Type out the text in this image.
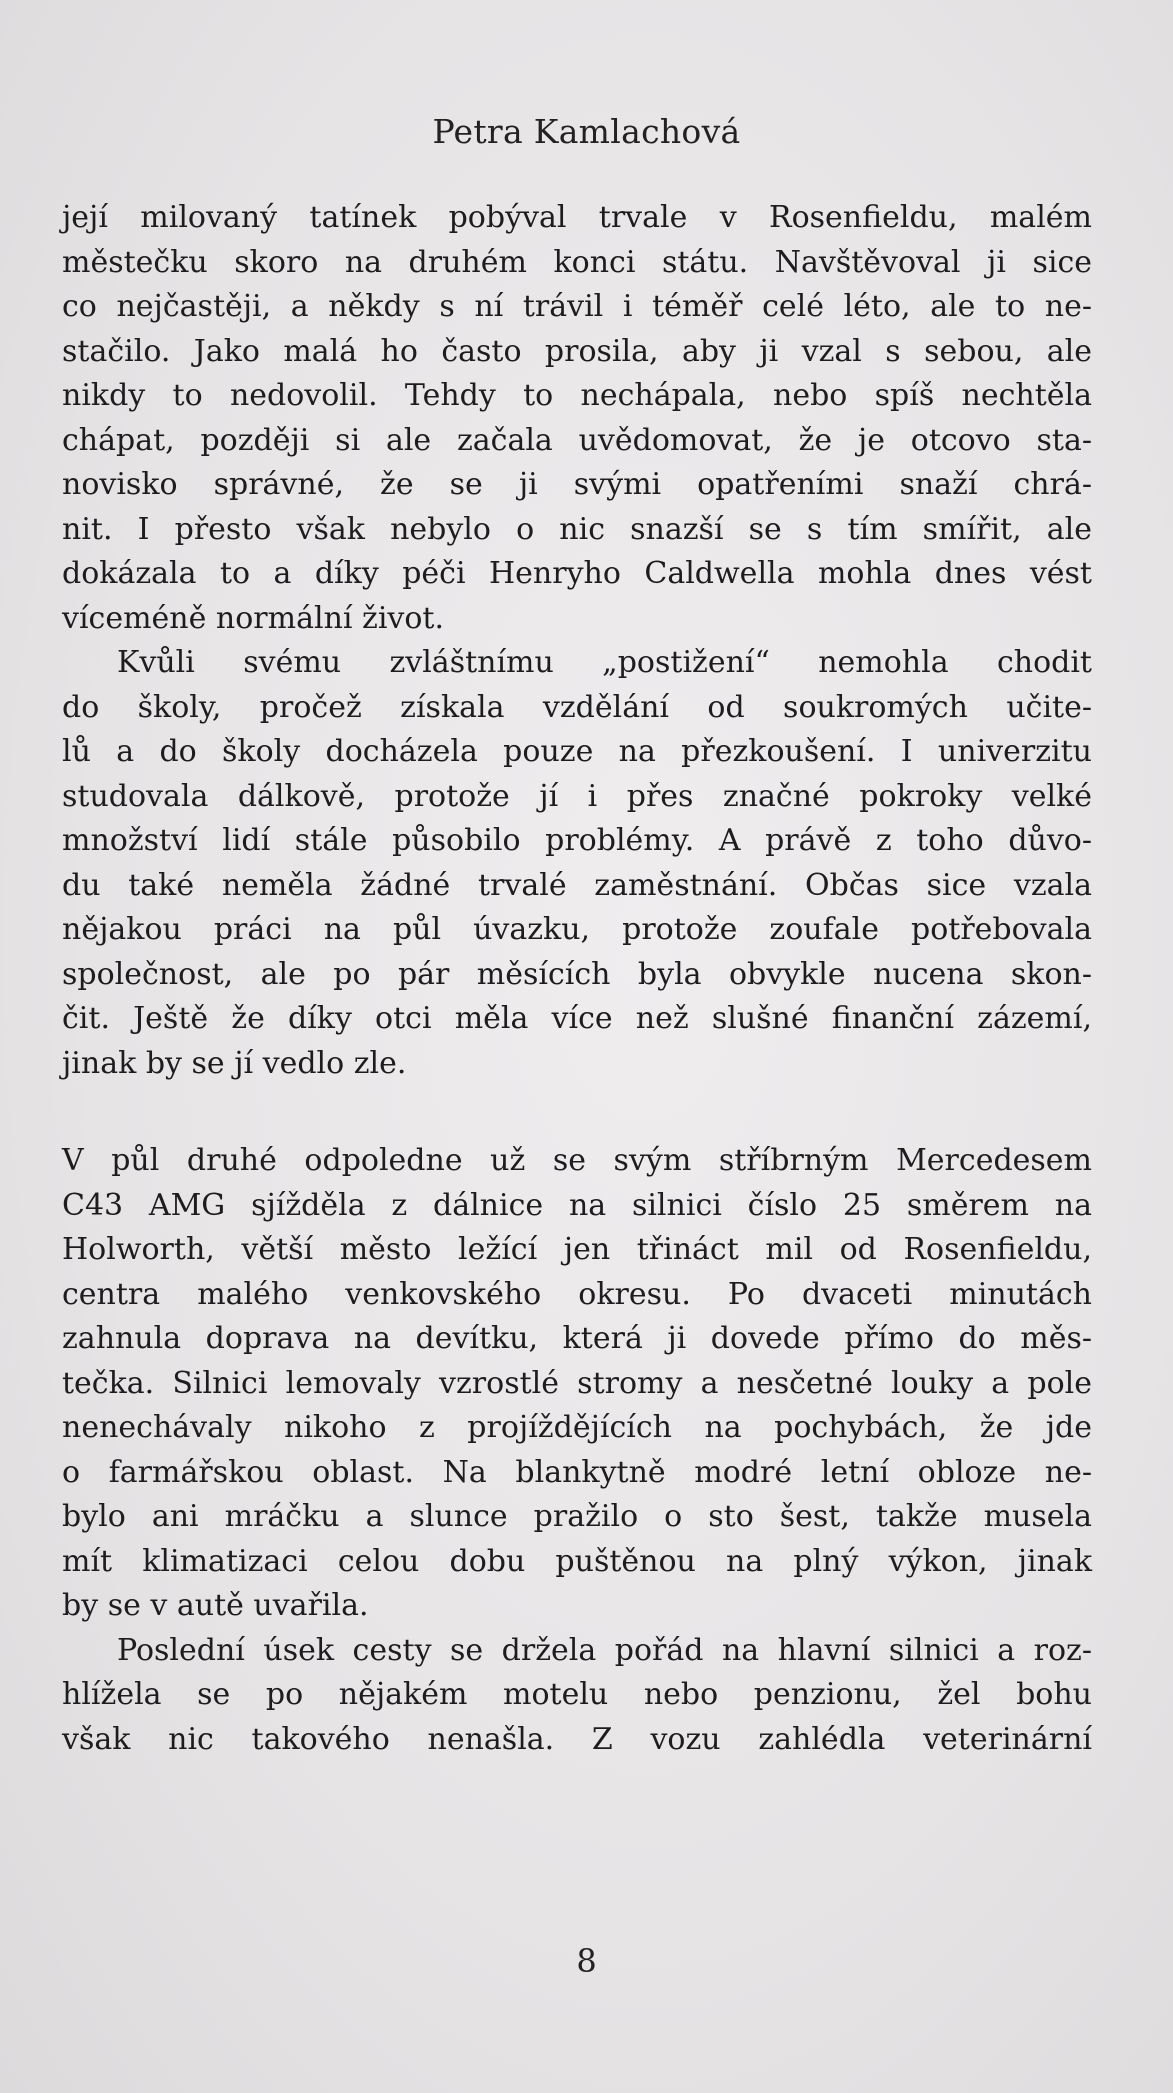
Petra Kamlachová
její milovaný tatínek pobýval trvale v Rosenfieldu, malém
městečku skoro na druhém konci státu. Navštěvoval ji sice
co nejčastěji, a někdy s ní trávil i téměř celé léto, ale to ne-
stačilo. Jako malá ho často prosila, aby ji vzal s sebou, ale
nikdy to nedovolil. Tehdy to nechápala, nebo spíš nechtěla
chápat, později si ale začala uvědomovat, že je otcovo sta-
novisko správné, že se ji svými opatřeními snaží chrá-
nit. I přesto však nebylo o nic snazší se s tím smířit, ale
dokázala to a díky péči Henryho Caldwella mohla dnes vést
víceméně normální život.
Kvůli svému zvláštnímu „postižení“ nemohla chodit
do školy, pročež získala vzdělání od soukromých učite-
lů a do školy docházela pouze na přezkoušení. I univerzitu
studovala dálkově, protože jí i přes značné pokroky velké
množství lidí stále působilo problémy. A právě z toho důvo-
du také neměla žádné trvalé zaměstnání. Občas sice vzala
nějakou práci na půl úvazku, protože zoufale potřebovala
společnost, ale po pár měsících byla obvykle nucena skon-
čit. Ještě že díky otci měla více než slušné finanční zázemí,
jinak by se jí vedlo zle.
V půl druhé odpoledne už se svým stříbrným Mercedesem
C43 AMG sjížděla z dálnice na silnici číslo 25 směrem na
Holworth, větší město ležící jen třináct mil od Rosenfieldu,
centra malého venkovského okresu. Po dvaceti minutách
zahnula doprava na devítku, která ji dovede přímo do měs-
tečka. Silnici lemovaly vzrostlé stromy a nesčetné louky a pole
nenechávaly nikoho z projíždějících na pochybách, že jde
o farmářskou oblast. Na blankytně modré letní obloze ne-
bylo ani mráčku a slunce pražilo o sto šest, takže musela
mít klimatizaci celou dobu puštěnou na plný výkon, jinak
by se v autě uvařila.
Poslední úsek cesty se držela pořád na hlavní silnici a roz-
hlížela se po nějakém motelu nebo penzionu, žel bohu
však nic takového nenašla. Z vozu zahlédla veterinární
8
